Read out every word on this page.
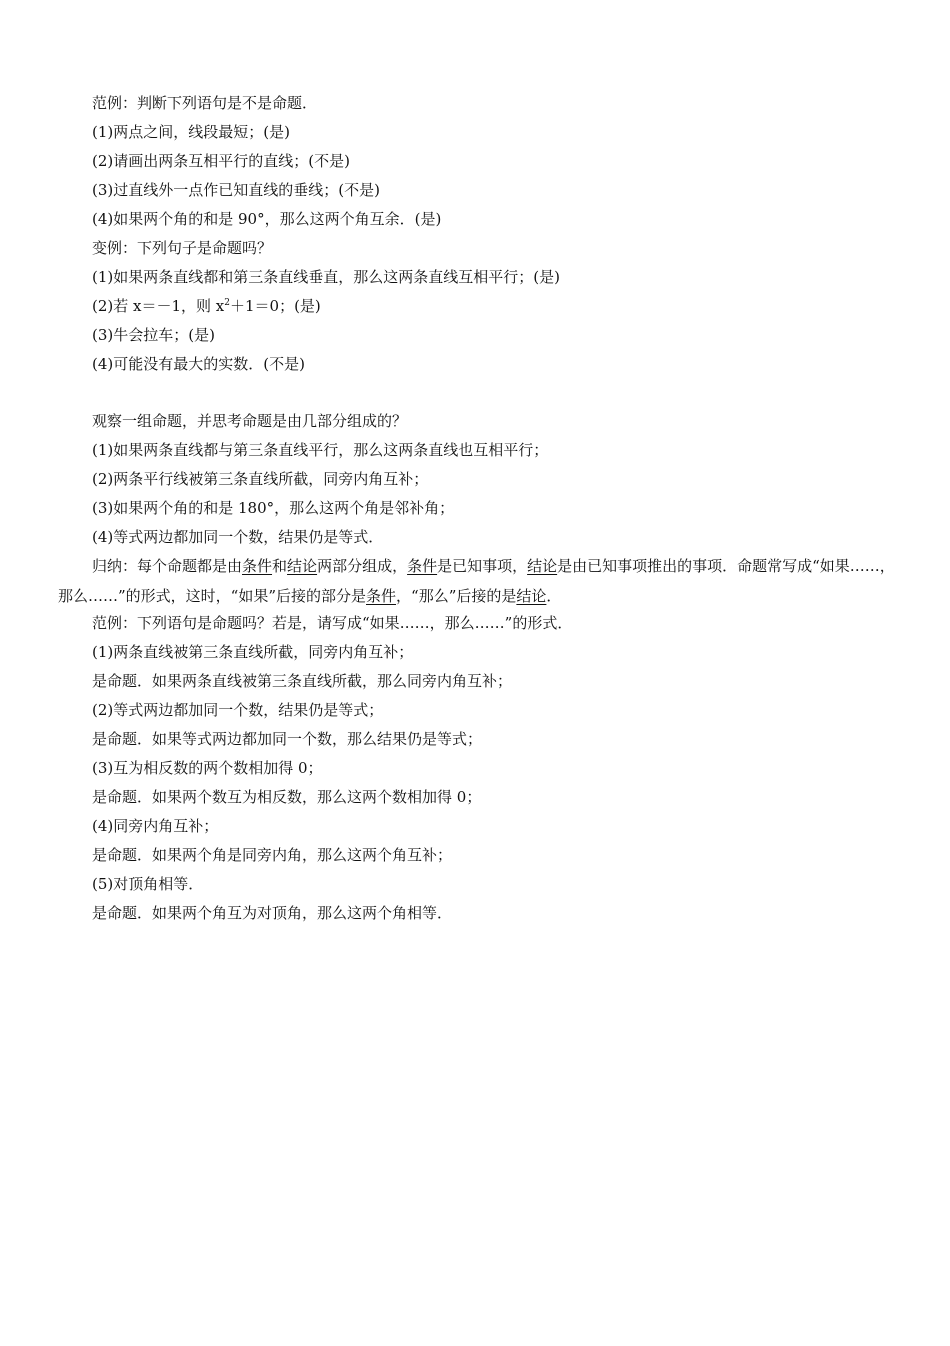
范例：判断下列语句是不是命题．
(1)两点之间，线段最短；(是)
(2)请画出两条互相平行的直线；(不是)
(3)过直线外一点作已知直线的垂线；(不是)
(4)如果两个角的和是 90°，那么这两个角互余．(是)
变例：下列句子是命题吗？
(1)如果两条直线都和第三条直线垂直，那么这两条直线互相平行；(是)
(2)若 x＝－1，则 $x^2+1=0$；(是)
(3)牛会拉车；(是)
(4)可能没有最大的实数．(不是)
观察一组命题，并思考命题是由几部分组成的？
(1)如果两条直线都与第三条直线平行，那么这两条直线也互相平行；
(2)两条平行线被第三条直线所截，同旁内角互补；
(3)如果两个角的和是 180°，那么这两个角是邻补角；
(4)等式两边都加同一个数，结果仍是等式．
归纳：每个命题都是由条件和结论两部分组成，条件是已知事项，结论是由已知事项推出的事项．命题常写成“如果……，那么……”的形式，这时，“如果”后接的部分是条件，“那么”后接的是结论．
范例：下列语句是命题吗？若是，请写成“如果……，那么……”的形式．
(1)两条直线被第三条直线所截，同旁内角互补；
是命题．如果两条直线被第三条直线所截，那么同旁内角互补；
(2)等式两边都加同一个数，结果仍是等式；
是命题．如果等式两边都加同一个数，那么结果仍是等式；
(3)互为相反数的两个数相加得 0；
是命题．如果两个数互为相反数，那么这两个数相加得 0；
(4)同旁内角互补；
是命题．如果两个角是同旁内角，那么这两个角互补；
(5)对顶角相等．
是命题．如果两个角互为对顶角，那么这两个角相等．
